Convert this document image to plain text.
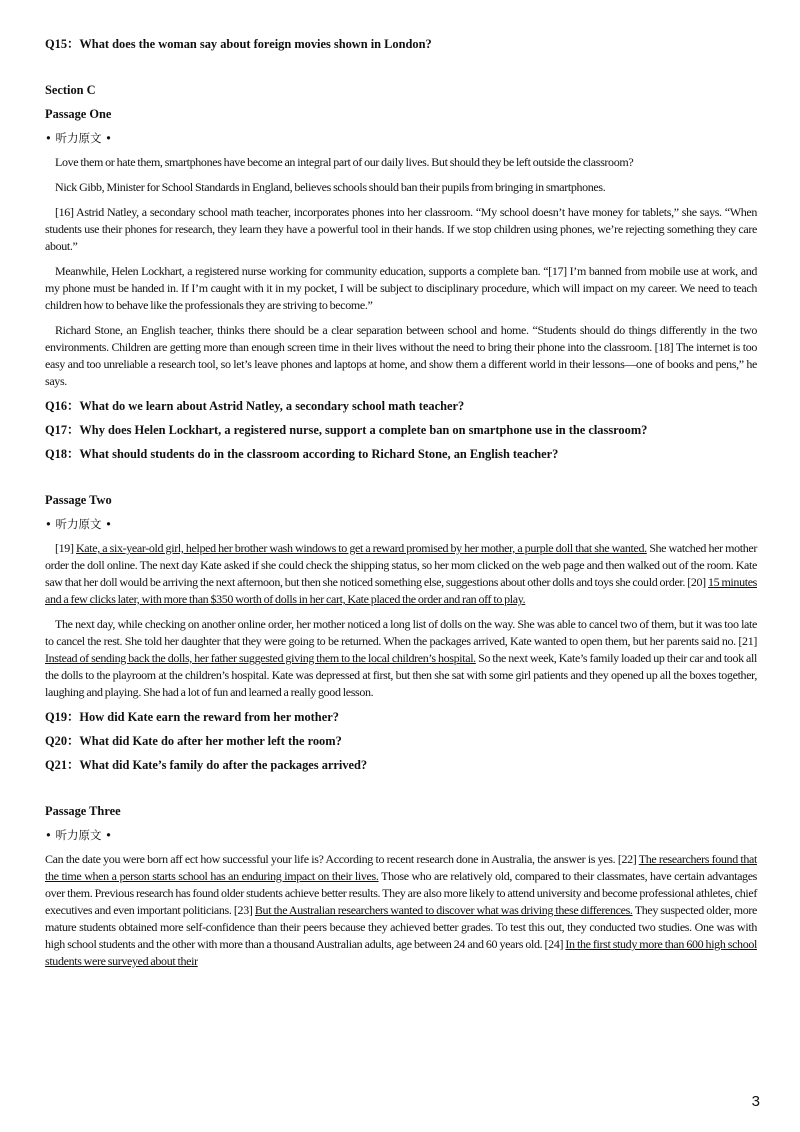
Q15：What does the woman say about foreign movies shown in London?

Section C

Passage One

• 听力原文 •

Love them or hate them, smartphones have become an integral part of our daily lives. But should they be left outside the classroom?

Nick Gibb, Minister for School Standards in England, believes schools should ban their pupils from bringing in smartphones.

[16] Astrid Natley, a secondary school math teacher, incorporates phones into her classroom. “My school doesn’t have money for tablets,” she says. “When students use their phones for research, they learn they have a powerful tool in their hands. If we stop children using phones, we’re rejecting something they care about.”

Meanwhile, Helen Lockhart, a registered nurse working for community education, supports a complete ban. “[17] I’m banned from mobile use at work, and my phone must be handed in. If I’m caught with it in my pocket, I will be subject to disciplinary procedure, which will impact on my career. We need to teach children how to behave like the professionals they are striving to become.”

Richard Stone, an English teacher, thinks there should be a clear separation between school and home. “Students should do things differently in the two environments. Children are getting more than enough screen time in their lives without the need to bring their phone into the classroom. [18] The internet is too easy and too unreliable a research tool, so let’s leave phones and laptops at home, and show them a different world in their lessons—one of books and pens,” he says.

Q16：What do we learn about Astrid Natley, a secondary school math teacher?

Q17：Why does Helen Lockhart, a registered nurse, support a complete ban on smartphone use in the classroom?

Q18：What should students do in the classroom according to Richard Stone, an English teacher?

Passage Two

• 听力原文 •

[19] Kate, a six-year-old girl, helped her brother wash windows to get a reward promised by her mother, a purple doll that she wanted. She watched her mother order the doll online. The next day Kate asked if she could check the shipping status, so her mom clicked on the web page and then walked out of the room. Kate saw that her doll would be arriving the next afternoon, but then she noticed something else, suggestions about other dolls and toys she could order. [20] 15 minutes and a few clicks later, with more than $350 worth of dolls in her cart, Kate placed the order and ran off to play.

The next day, while checking on another online order, her mother noticed a long list of dolls on the way. She was able to cancel two of them, but it was too late to cancel the rest. She told her daughter that they were going to be returned. When the packages arrived, Kate wanted to open them, but her parents said no. [21] Instead of sending back the dolls, her father suggested giving them to the local children’s hospital. So the next week, Kate’s family loaded up their car and took all the dolls to the playroom at the children’s hospital. Kate was depressed at first, but then she sat with some girl patients and they opened up all the boxes together, laughing and playing. She had a lot of fun and learned a really good lesson.

Q19：How did Kate earn the reward from her mother?

Q20：What did Kate do after her mother left the room?

Q21：What did Kate’s family do after the packages arrived?

Passage Three

• 听力原文 •

Can the date you were born aff ect how successful your life is? According to recent research done in Australia, the answer is yes. [22] The researchers found that the time when a person starts school has an enduring impact on their lives. Those who are relatively old, compared to their classmates, have certain advantages over them. Previous research has found older students achieve better results. They are also more likely to attend university and become professional athletes, chief executives and even important politicians. [23] But the Australian researchers wanted to discover what was driving these differences. They suspected older, more mature students obtained more self-confidence than their peers because they achieved better grades. To test this out, they conducted two studies. One was with high school students and the other with more than a thousand Australian adults, age between 24 and 60 years old. [24] In the first study more than 600 high school students were surveyed about their

3
